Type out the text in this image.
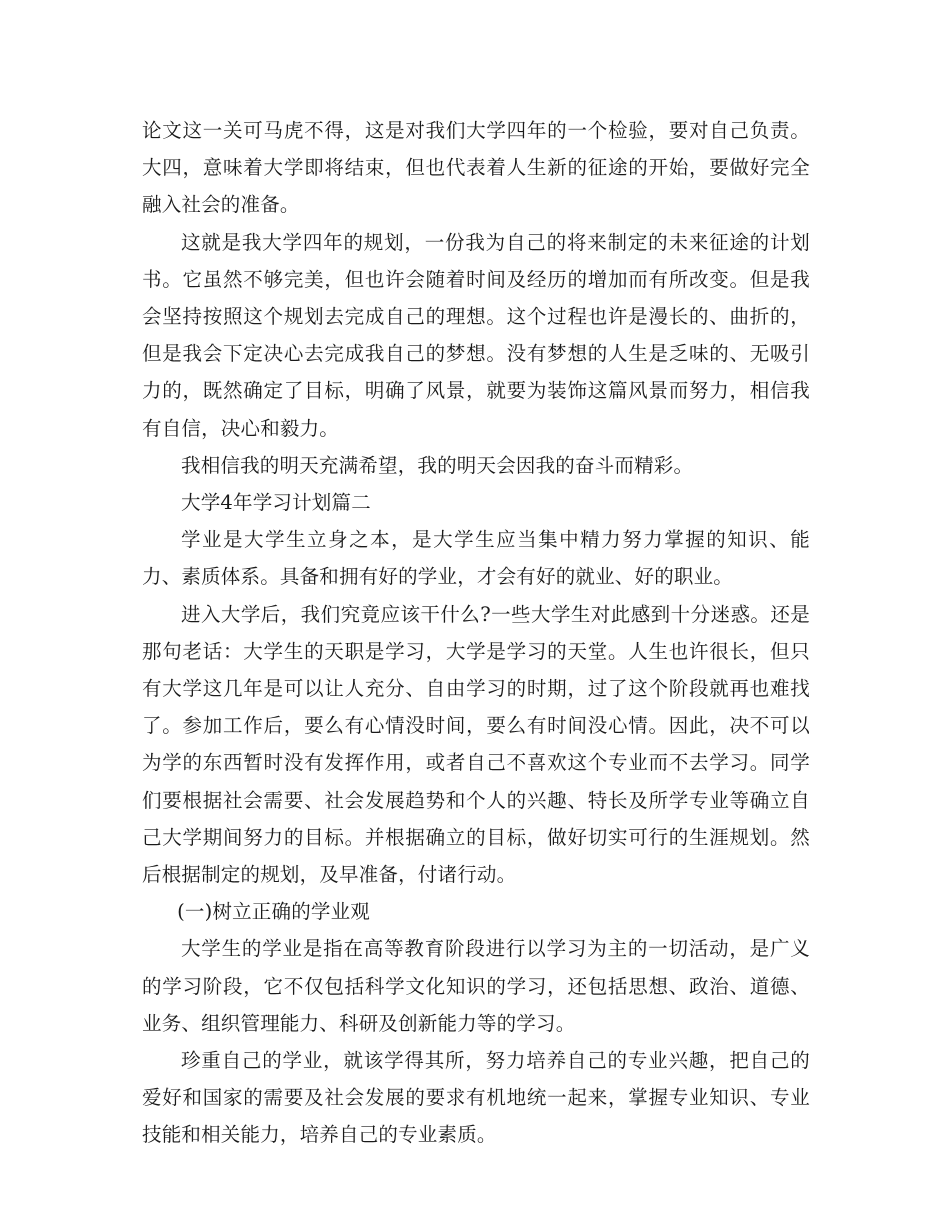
论文这一关可马虎不得，这是对我们大学四年的一个检验，要对自己负责。大四，意味着大学即将结束，但也代表着人生新的征途的开始，要做好完全融入社会的准备。

这就是我大学四年的规划，一份我为自己的将来制定的未来征途的计划书。它虽然不够完美，但也许会随着时间及经历的增加而有所改变。但是我会坚持按照这个规划去完成自己的理想。这个过程也许是漫长的、曲折的，但是我会下定决心去完成我自己的梦想。没有梦想的人生是乏味的、无吸引力的，既然确定了目标，明确了风景，就要为装饰这篇风景而努力，相信我有自信，决心和毅力。

我相信我的明天充满希望，我的明天会因我的奋斗而精彩。

大学4年学习计划篇二

学业是大学生立身之本，是大学生应当集中精力努力掌握的知识、能力、素质体系。具备和拥有好的学业，才会有好的就业、好的职业。

进入大学后，我们究竟应该干什么?一些大学生对此感到十分迷惑。还是那句老话：大学生的天职是学习，大学是学习的天堂。人生也许很长，但只有大学这几年是可以让人充分、自由学习的时期，过了这个阶段就再也难找了。参加工作后，要么有心情没时间，要么有时间没心情。因此，决不可以为学的东西暂时没有发挥作用，或者自己不喜欢这个专业而不去学习。同学们要根据社会需要、社会发展趋势和个人的兴趣、特长及所学专业等确立自己大学期间努力的目标。并根据确立的目标，做好切实可行的生涯规划。然后根据制定的规划，及早准备，付诸行动。

(一)树立正确的学业观

大学生的学业是指在高等教育阶段进行以学习为主的一切活动，是广义的学习阶段，它不仅包括科学文化知识的学习，还包括思想、政治、道德、业务、组织管理能力、科研及创新能力等的学习。

珍重自己的学业，就该学得其所，努力培养自己的专业兴趣，把自己的爱好和国家的需要及社会发展的要求有机地统一起来，掌握专业知识、专业技能和相关能力，培养自己的专业素质。
